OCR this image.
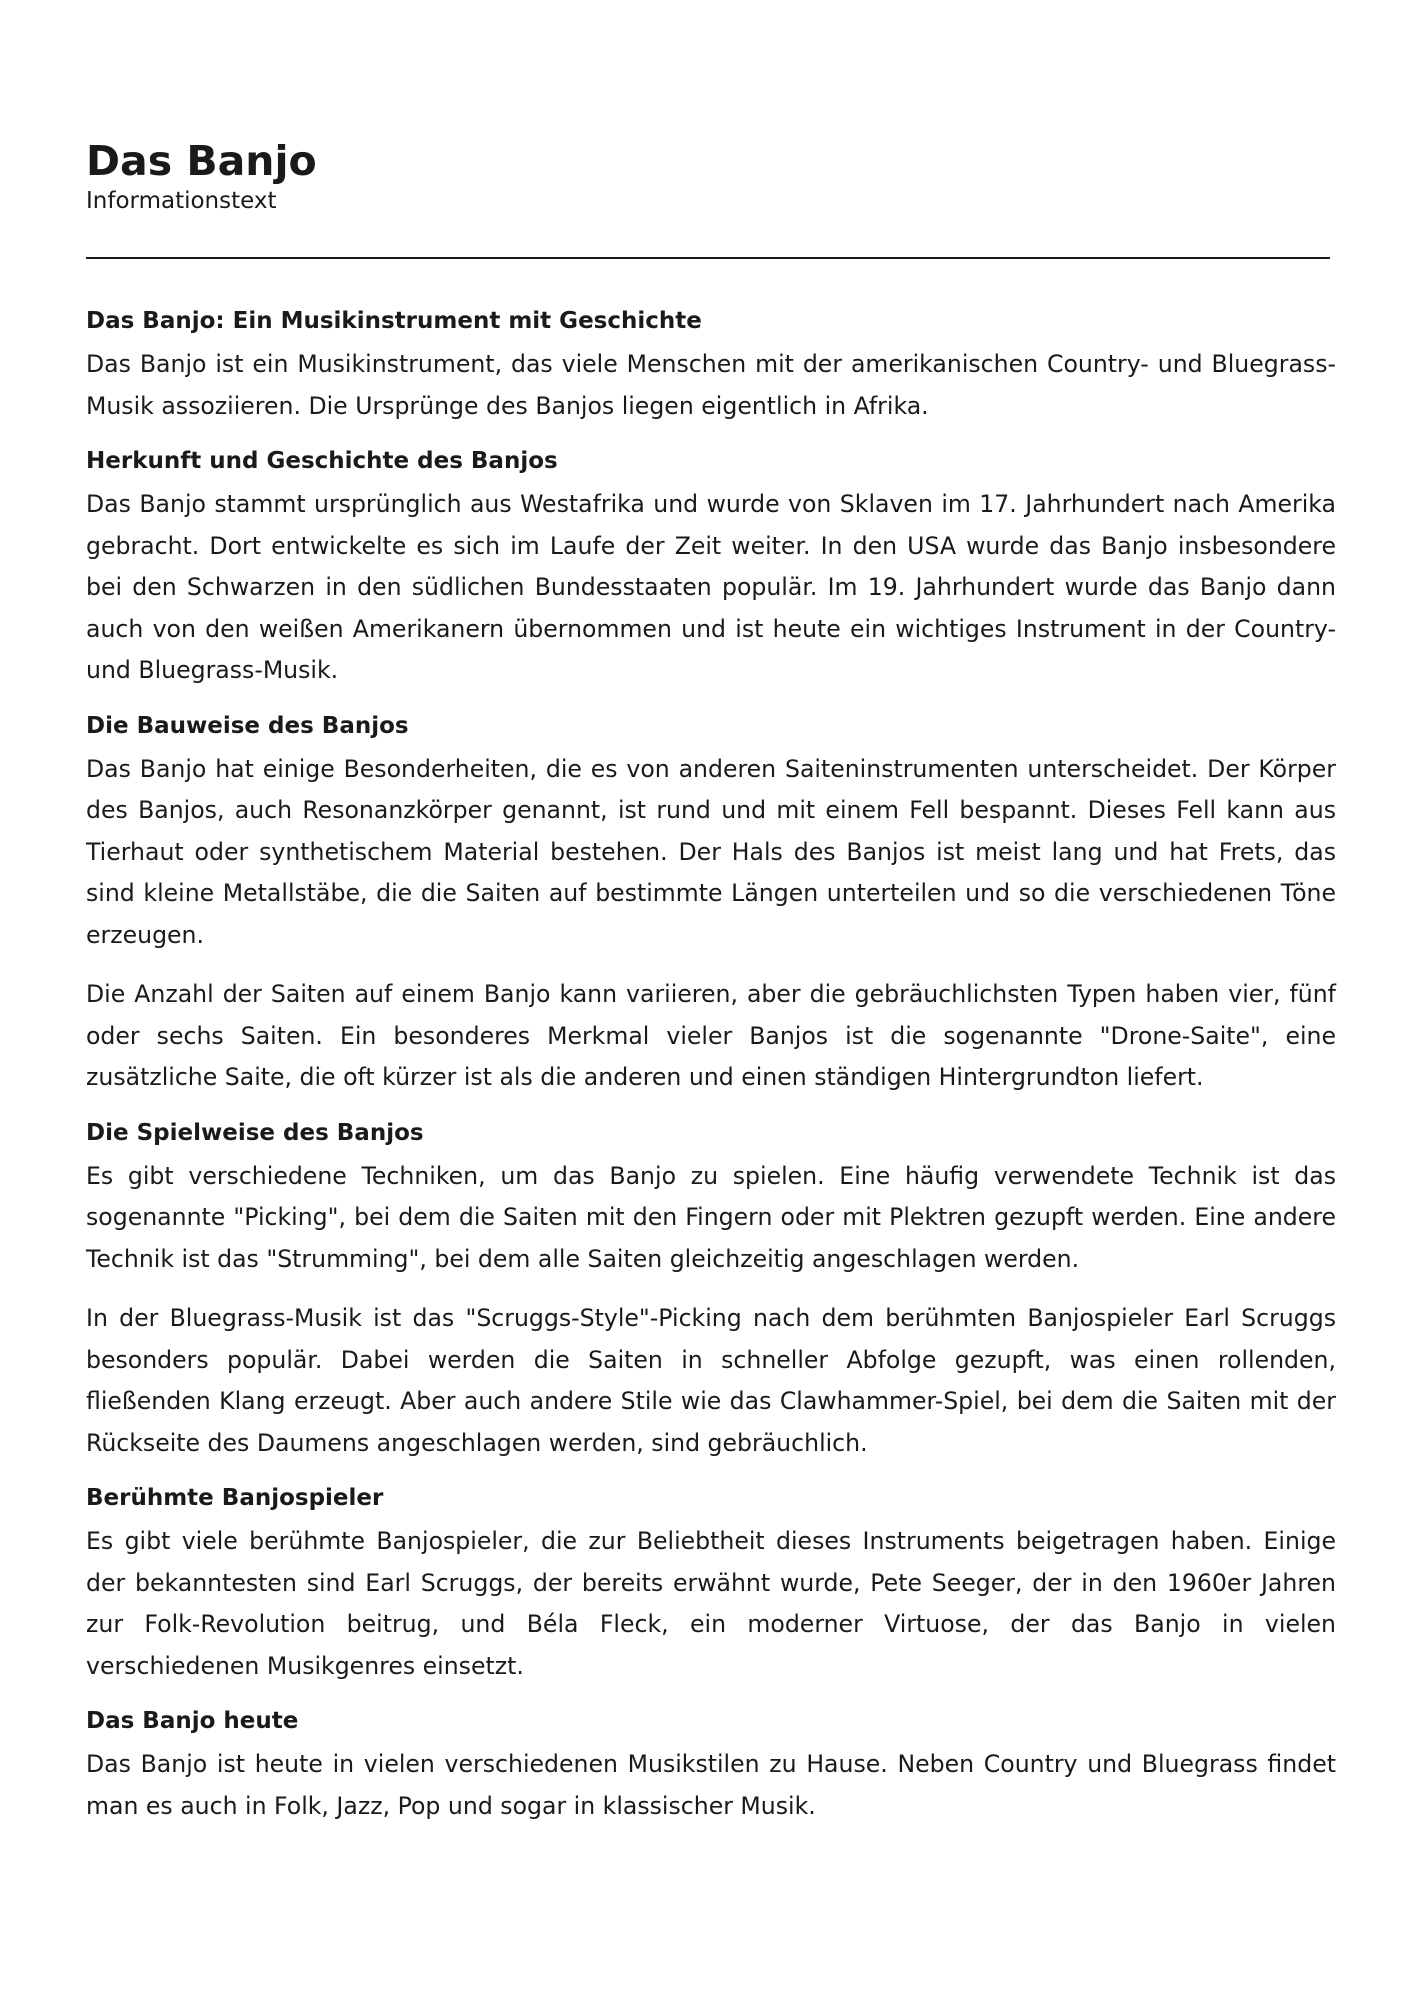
Das Banjo
Informationstext
Das Banjo: Ein Musikinstrument mit Geschichte

Das Banjo ist ein Musikinstrument, das viele Menschen mit der amerikanischen Country- und Bluegrass-Musik assoziieren. Die Ursprünge des Banjos liegen eigentlich in Afrika.

Herkunft und Geschichte des Banjos

Das Banjo stammt ursprünglich aus Westafrika und wurde von Sklaven im 17. Jahrhundert nach Amerika gebracht. Dort entwickelte es sich im Laufe der Zeit weiter. In den USA wurde das Banjo insbesondere bei den Schwarzen in den südlichen Bundesstaaten populär. Im 19. Jahrhundert wurde das Banjo dann auch von den weißen Amerikanern übernommen und ist heute ein wichtiges Instrument in der Country- und Bluegrass-Musik.

Die Bauweise des Banjos

Das Banjo hat einige Besonderheiten, die es von anderen Saiteninstrumenten unterscheidet. Der Körper des Banjos, auch Resonanzkörper genannt, ist rund und mit einem Fell bespannt. Dieses Fell kann aus Tierhaut oder synthetischem Material bestehen. Der Hals des Banjos ist meist lang und hat Frets, das sind kleine Metallstäbe, die die Saiten auf bestimmte Längen unterteilen und so die verschiedenen Töne erzeugen.

Die Anzahl der Saiten auf einem Banjo kann variieren, aber die gebräuchlichsten Typen haben vier, fünf oder sechs Saiten. Ein besonderes Merkmal vieler Banjos ist die sogenannte "Drone-Saite", eine zusätzliche Saite, die oft kürzer ist als die anderen und einen ständigen Hintergrundton liefert.

Die Spielweise des Banjos

Es gibt verschiedene Techniken, um das Banjo zu spielen. Eine häufig verwendete Technik ist das sogenannte "Picking", bei dem die Saiten mit den Fingern oder mit Plektren gezupft werden. Eine andere Technik ist das "Strumming", bei dem alle Saiten gleichzeitig angeschlagen werden.

In der Bluegrass-Musik ist das "Scruggs-Style"-Picking nach dem berühmten Banjospieler Earl Scruggs besonders populär. Dabei werden die Saiten in schneller Abfolge gezupft, was einen rollenden, fließenden Klang erzeugt. Aber auch andere Stile wie das Clawhammer-Spiel, bei dem die Saiten mit der Rückseite des Daumens angeschlagen werden, sind gebräuchlich.

Berühmte Banjospieler

Es gibt viele berühmte Banjospieler, die zur Beliebtheit dieses Instruments beigetragen haben. Einige der bekanntesten sind Earl Scruggs, der bereits erwähnt wurde, Pete Seeger, der in den 1960er Jahren zur Folk-Revolution beitrug, und Béla Fleck, ein moderner Virtuose, der das Banjo in vielen verschiedenen Musikgenres einsetzt.

Das Banjo heute

Das Banjo ist heute in vielen verschiedenen Musikstilen zu Hause. Neben Country und Bluegrass findet man es auch in Folk, Jazz, Pop und sogar in klassischer Musik.
